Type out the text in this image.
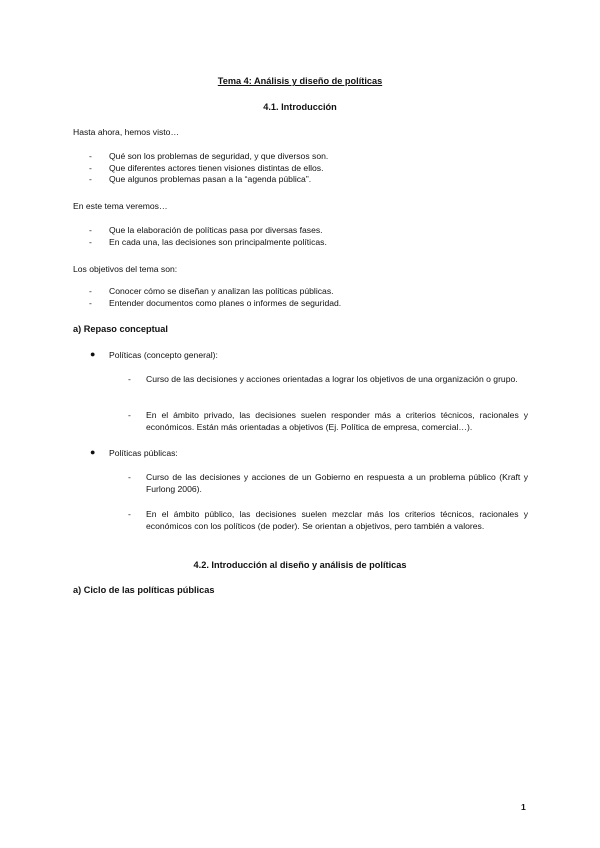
Tema 4: Análisis y diseño de políticas
4.1. Introducción
Hasta ahora, hemos visto…
- Qué son los problemas de seguridad, y que diversos son.
- Que diferentes actores tienen visiones distintas de ellos.
- Que algunos problemas pasan a la “agenda pública”.
En este tema veremos…
- Que la elaboración de políticas pasa por diversas fases.
- En cada una, las decisiones son principalmente políticas.
Los objetivos del tema son:
- Conocer cómo se diseñan y analizan las políticas públicas.
- Entender documentos como planes o informes de seguridad.
a) Repaso conceptual
● Políticas (concepto general):
- Curso de las decisiones y acciones orientadas a lograr los objetivos de una organización o grupo.
- En el ámbito privado, las decisiones suelen responder más a criterios técnicos, racionales y económicos. Están más orientadas a objetivos (Ej. Política de empresa, comercial…).
● Políticas públicas:
- Curso de las decisiones y acciones de un Gobierno en respuesta a un problema público (Kraft y Furlong 2006).
- En el ámbito público, las decisiones suelen mezclar más los criterios técnicos, racionales y económicos con los políticos (de poder). Se orientan a objetivos, pero también a valores.
4.2. Introducción al diseño y análisis de políticas
a) Ciclo de las políticas públicas
1
